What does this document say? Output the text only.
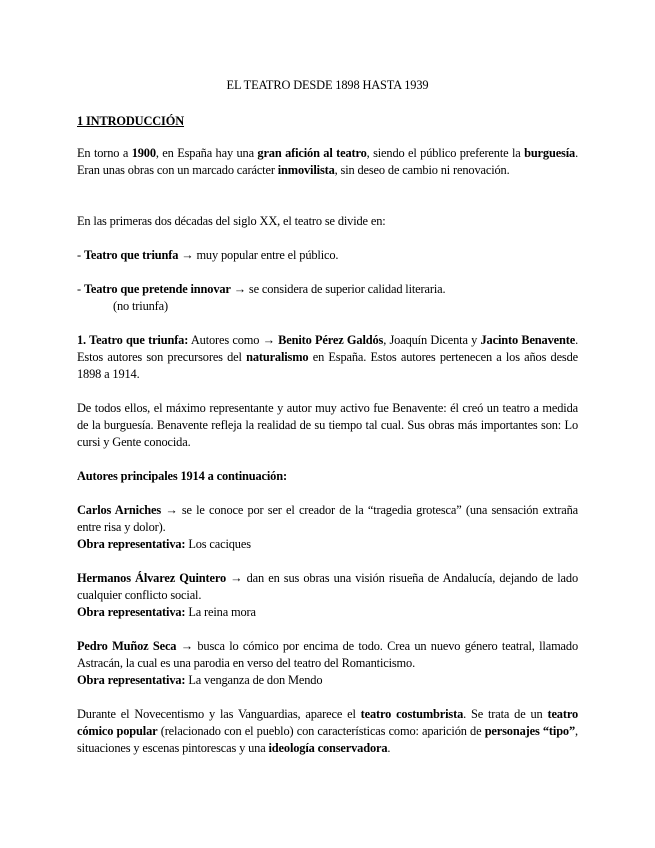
EL TEATRO DESDE 1898 HASTA 1939

1 INTRODUCCIÓN

En torno a 1900, en España hay una gran afición al teatro, siendo el público preferente la burguesía. Eran unas obras con un marcado carácter inmovilista, sin deseo de cambio ni renovación.

En las primeras dos décadas del siglo XX, el teatro se divide en:

- Teatro que triunfa → muy popular entre el público.

- Teatro que pretende innovar → se considera de superior calidad literaria.

(no triunfa)

1. Teatro que triunfa: Autores como → Benito Pérez Galdós, Joaquín Dicenta y Jacinto Benavente. Estos autores son precursores del naturalismo en España. Estos autores pertenecen a los años desde 1898 a 1914.

De todos ellos, el máximo representante y autor muy activo fue Benavente: él creó un teatro a medida de la burguesía. Benavente refleja la realidad de su tiempo tal cual. Sus obras más importantes son: Lo cursi y Gente conocida.

Autores principales 1914 a continuación:

Carlos Arniches → se le conoce por ser el creador de la “tragedia grotesca” (una sensación extraña entre risa y dolor).

Obra representativa: Los caciques

Hermanos Álvarez Quintero → dan en sus obras una visión risueña de Andalucía, dejando de lado cualquier conflicto social.

Obra representativa: La reina mora

Pedro Muñoz Seca → busca lo cómico por encima de todo. Crea un nuevo género teatral, llamado Astracán, la cual es una parodia en verso del teatro del Romanticismo.

Obra representativa: La venganza de don Mendo

Durante el Novecentismo y las Vanguardias, aparece el teatro costumbrista. Se trata de un teatro cómico popular (relacionado con el pueblo) con características como: aparición de personajes “tipo”, situaciones y escenas pintorescas y una ideología conservadora.
